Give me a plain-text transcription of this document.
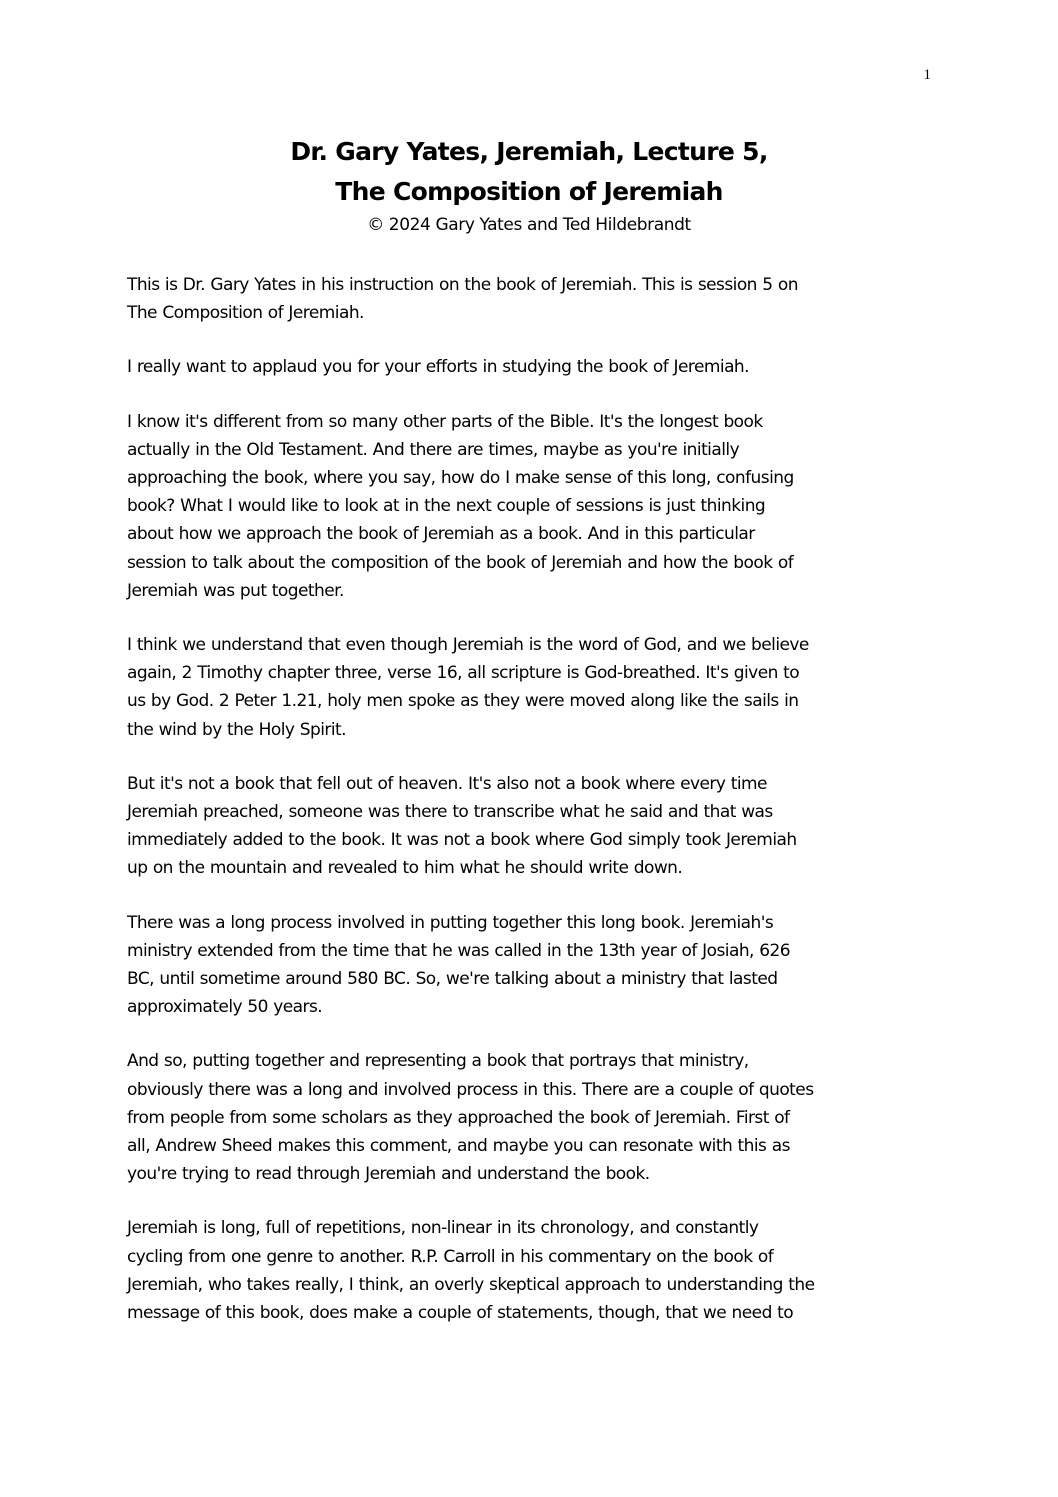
1
Dr. Gary Yates, Jeremiah, Lecture 5,
The Composition of Jeremiah
© 2024 Gary Yates and Ted Hildebrandt

This is Dr. Gary Yates in his instruction on the book of Jeremiah. This is session 5 on
The Composition of Jeremiah.

I really want to applaud you for your efforts in studying the book of Jeremiah.

I know it's different from so many other parts of the Bible. It's the longest book
actually in the Old Testament. And there are times, maybe as you're initially
approaching the book, where you say, how do I make sense of this long, confusing
book? What I would like to look at in the next couple of sessions is just thinking
about how we approach the book of Jeremiah as a book. And in this particular
session to talk about the composition of the book of Jeremiah and how the book of
Jeremiah was put together.

I think we understand that even though Jeremiah is the word of God, and we believe
again, 2 Timothy chapter three, verse 16, all scripture is God-breathed. It's given to
us by God. 2 Peter 1.21, holy men spoke as they were moved along like the sails in
the wind by the Holy Spirit.

But it's not a book that fell out of heaven. It's also not a book where every time
Jeremiah preached, someone was there to transcribe what he said and that was
immediately added to the book. It was not a book where God simply took Jeremiah
up on the mountain and revealed to him what he should write down.

There was a long process involved in putting together this long book. Jeremiah's
ministry extended from the time that he was called in the 13th year of Josiah, 626
BC, until sometime around 580 BC. So, we're talking about a ministry that lasted
approximately 50 years.

And so, putting together and representing a book that portrays that ministry,
obviously there was a long and involved process in this. There are a couple of quotes
from people from some scholars as they approached the book of Jeremiah. First of
all, Andrew Sheed makes this comment, and maybe you can resonate with this as
you're trying to read through Jeremiah and understand the book.

Jeremiah is long, full of repetitions, non-linear in its chronology, and constantly
cycling from one genre to another. R.P. Carroll in his commentary on the book of
Jeremiah, who takes really, I think, an overly skeptical approach to understanding the
message of this book, does make a couple of statements, though, that we need to
